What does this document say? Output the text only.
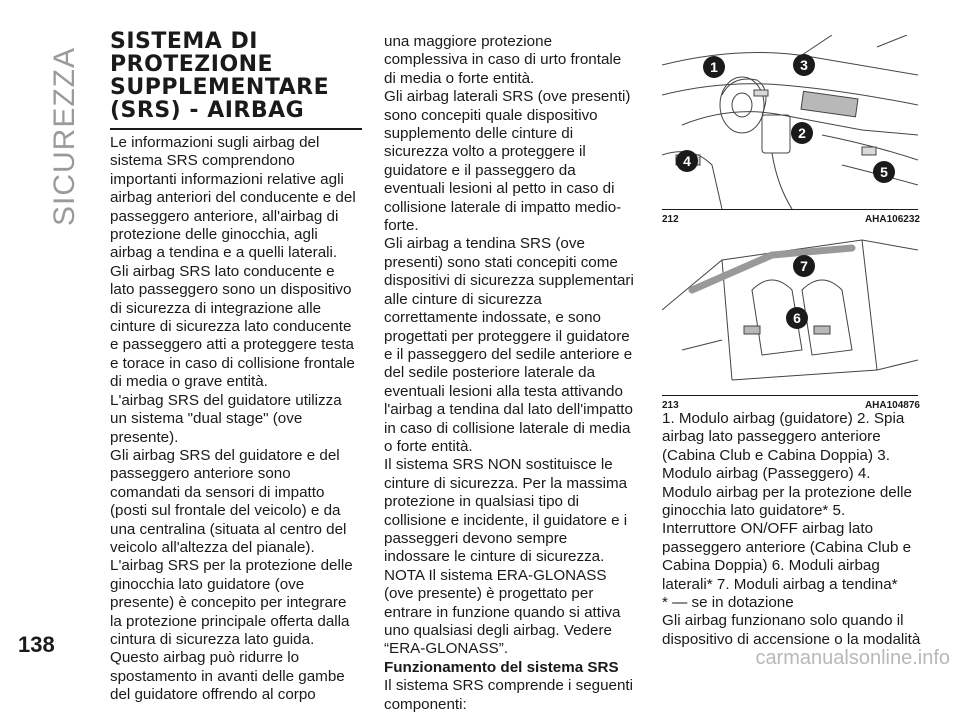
SICUREZZA
SISTEMA DI
PROTEZIONE
SUPPLEMENTARE
(SRS) - AIRBAG

Le informazioni sugli airbag del sistema SRS comprendono importanti informazioni relative agli airbag anteriori del conducente e del passeggero anteriore, all'airbag di protezione delle ginocchia, agli airbag a tendina e a quelli laterali.

Gli airbag SRS lato conducente e lato passeggero sono un dispositivo di sicurezza di integrazione alle cinture di sicurezza lato conducente e passeggero atti a proteggere testa e torace in caso di collisione frontale di media o grave entità.

L'airbag SRS del guidatore utilizza un sistema "dual stage" (ove presente).

Gli airbag SRS del guidatore e del passeggero anteriore sono comandati da sensori di impatto (posti sul frontale del veicolo) e da una centralina (situata al centro del veicolo all'altezza del pianale).

L'airbag SRS per la protezione delle ginocchia lato guidatore (ove presente) è concepito per integrare la protezione principale offerta dalla cintura di sicurezza lato guida. Questo airbag può ridurre lo spostamento in avanti delle gambe del guidatore offrendo al corpo

una maggiore protezione complessiva in caso di urto frontale di media o forte entità.

Gli airbag laterali SRS (ove presenti) sono concepiti quale dispositivo supplemento delle cinture di sicurezza volto a proteggere il guidatore e il passeggero da eventuali lesioni al petto in caso di collisione laterale di impatto medio-forte.

Gli airbag a tendina SRS (ove presenti) sono stati concepiti come dispositivi di sicurezza supplementari alle cinture di sicurezza correttamente indossate, e sono progettati per proteggere il guidatore e il passeggero del sedile anteriore e del sedile posteriore laterale da eventuali lesioni alla testa attivando l'airbag a tendina dal lato dell'impatto in caso di collisione laterale di media o forte entità.

Il sistema SRS NON sostituisce le cinture di sicurezza. Per la massima protezione in qualsiasi tipo di collisione e incidente, il guidatore e i passeggeri devono sempre indossare le cinture di sicurezza.

NOTA Il sistema ERA-GLONASS (ove presente) è progettato per entrare in funzione quando si attiva uno qualsiasi degli airbag. Vedere “ERA-GLONASS”.

Funzionamento del sistema SRS

Il sistema SRS comprende i seguenti componenti:

1
2
3
4
5
212	AHA106232
6
7
213	AHA104876

1. Modulo airbag (guidatore) 2. Spia airbag lato passeggero anteriore (Cabina Club e Cabina Doppia) 3. Modulo airbag (Passeggero) 4. Modulo airbag per la protezione delle ginocchia lato guidatore* 5. Interruttore ON/OFF airbag lato passeggero anteriore (Cabina Club e Cabina Doppia) 6. Moduli airbag laterali* 7. Moduli airbag a tendina*

* — se in dotazione

Gli airbag funzionano solo quando il dispositivo di accensione o la modalità

138
carmanualsonline.info
